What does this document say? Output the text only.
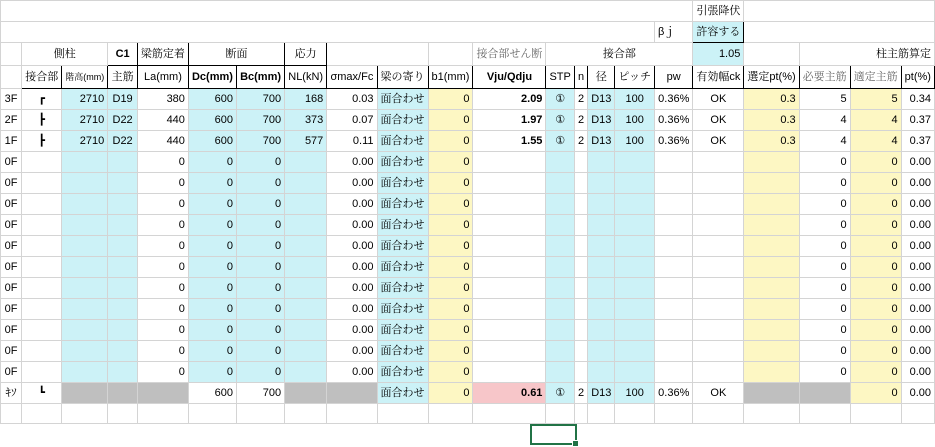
																	引張降伏				
																βｊ	許容する				
	側柱		C1	梁筋定着	断面		応力				接合部せん断	接合部					1.05		柱主筋算定		
	接合部	階高(mm)	主筋	La(mm)	Dc(mm)	Bc(mm)	NL(kN)	σmax/Fc	梁の寄り	b1(mm)	Vju/Qdju	STP	n	径	ピッチ	pw	有効幅ck	選定pt(%)	必要主筋	適定主筋	pt(%)
3F	┏	2710	D19	380	600	700	168	0.03	面合わせ	0	2.09	①	2	D13	100	0.36%	OK	0.3	5	5	0.34
2F	┣	2710	D22	440	600	700	373	0.07	面合わせ	0	1.97	①	2	D13	100	0.36%	OK	0.3	4	4	0.37
1F	┣	2710	D22	440	600	700	577	0.11	面合わせ	0	1.55	①	2	D13	100	0.36%	OK	0.3	4	4	0.37
0F				0	0	0		0.00	面合わせ	0									0	0	0.00
0F				0	0	0		0.00	面合わせ	0									0	0	0.00
0F				0	0	0		0.00	面合わせ	0									0	0	0.00
0F				0	0	0		0.00	面合わせ	0									0	0	0.00
0F				0	0	0		0.00	面合わせ	0									0	0	0.00
0F				0	0	0		0.00	面合わせ	0									0	0	0.00
0F				0	0	0		0.00	面合わせ	0									0	0	0.00
0F				0	0	0		0.00	面合わせ	0									0	0	0.00
0F				0	0	0		0.00	面合わせ	0									0	0	0.00
0F				0	0	0		0.00	面合わせ	0									0	0	0.00
0F				0	0	0		0.00	面合わせ	0									0	0	0.00
ｷｿ	┗				600	700			面合わせ	0	0.61	①	2	D13	100	0.36%	OK			0	0.00
